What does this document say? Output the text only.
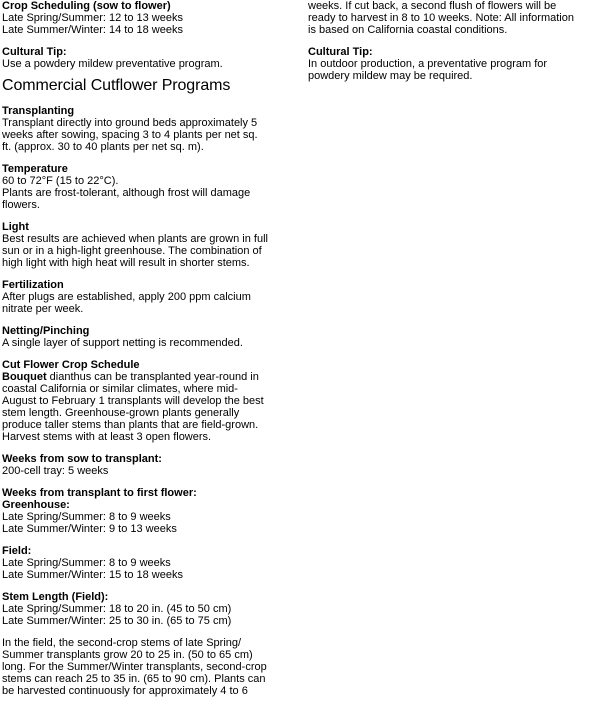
Crop Scheduling (sow to flower)
Late Spring/Summer: 12 to 13 weeks
Late Summer/Winter: 14 to 18 weeks
Cultural Tip:
Use a powdery mildew preventative program.
Commercial Cutflower Programs
Transplanting
Transplant directly into ground beds approximately 5
weeks after sowing, spacing 3 to 4 plants per net sq.
ft. (approx. 30 to 40 plants per net sq. m).
Temperature
60 to 72°F (15 to 22°C).
Plants are frost-tolerant, although frost will damage
flowers.
Light
Best results are achieved when plants are grown in full
sun or in a high-light greenhouse. The combination of
high light with high heat will result in shorter stems.
Fertilization
After plugs are established, apply 200 ppm calcium
nitrate per week.
Netting/Pinching
A single layer of support netting is recommended.
Cut Flower Crop Schedule
Bouquet dianthus can be transplanted year-round in
coastal California or similar climates, where mid-
August to February 1 transplants will develop the best
stem length. Greenhouse-grown plants generally
produce taller stems than plants that are field-grown.
Harvest stems with at least 3 open flowers.
Weeks from sow to transplant:
200-cell tray: 5 weeks
Weeks from transplant to first flower:
Greenhouse:
Late Spring/Summer: 8 to 9 weeks
Late Summer/Winter: 9 to 13 weeks
Field:
Late Spring/Summer: 8 to 9 weeks
Late Summer/Winter: 15 to 18 weeks
Stem Length (Field):
Late Spring/Summer: 18 to 20 in. (45 to 50 cm)
Late Summer/Winter: 25 to 30 in. (65 to 75 cm)
In the field, the second-crop stems of late Spring/
Summer transplants grow 20 to 25 in. (50 to 65 cm)
long. For the Summer/Winter transplants, second-crop
stems can reach 25 to 35 in. (65 to 90 cm). Plants can
be harvested continuously for approximately 4 to 6
weeks. If cut back, a second flush of flowers will be
ready to harvest in 8 to 10 weeks. Note: All information
is based on California coastal conditions.
Cultural Tip:
In outdoor production, a preventative program for
powdery mildew may be required.
